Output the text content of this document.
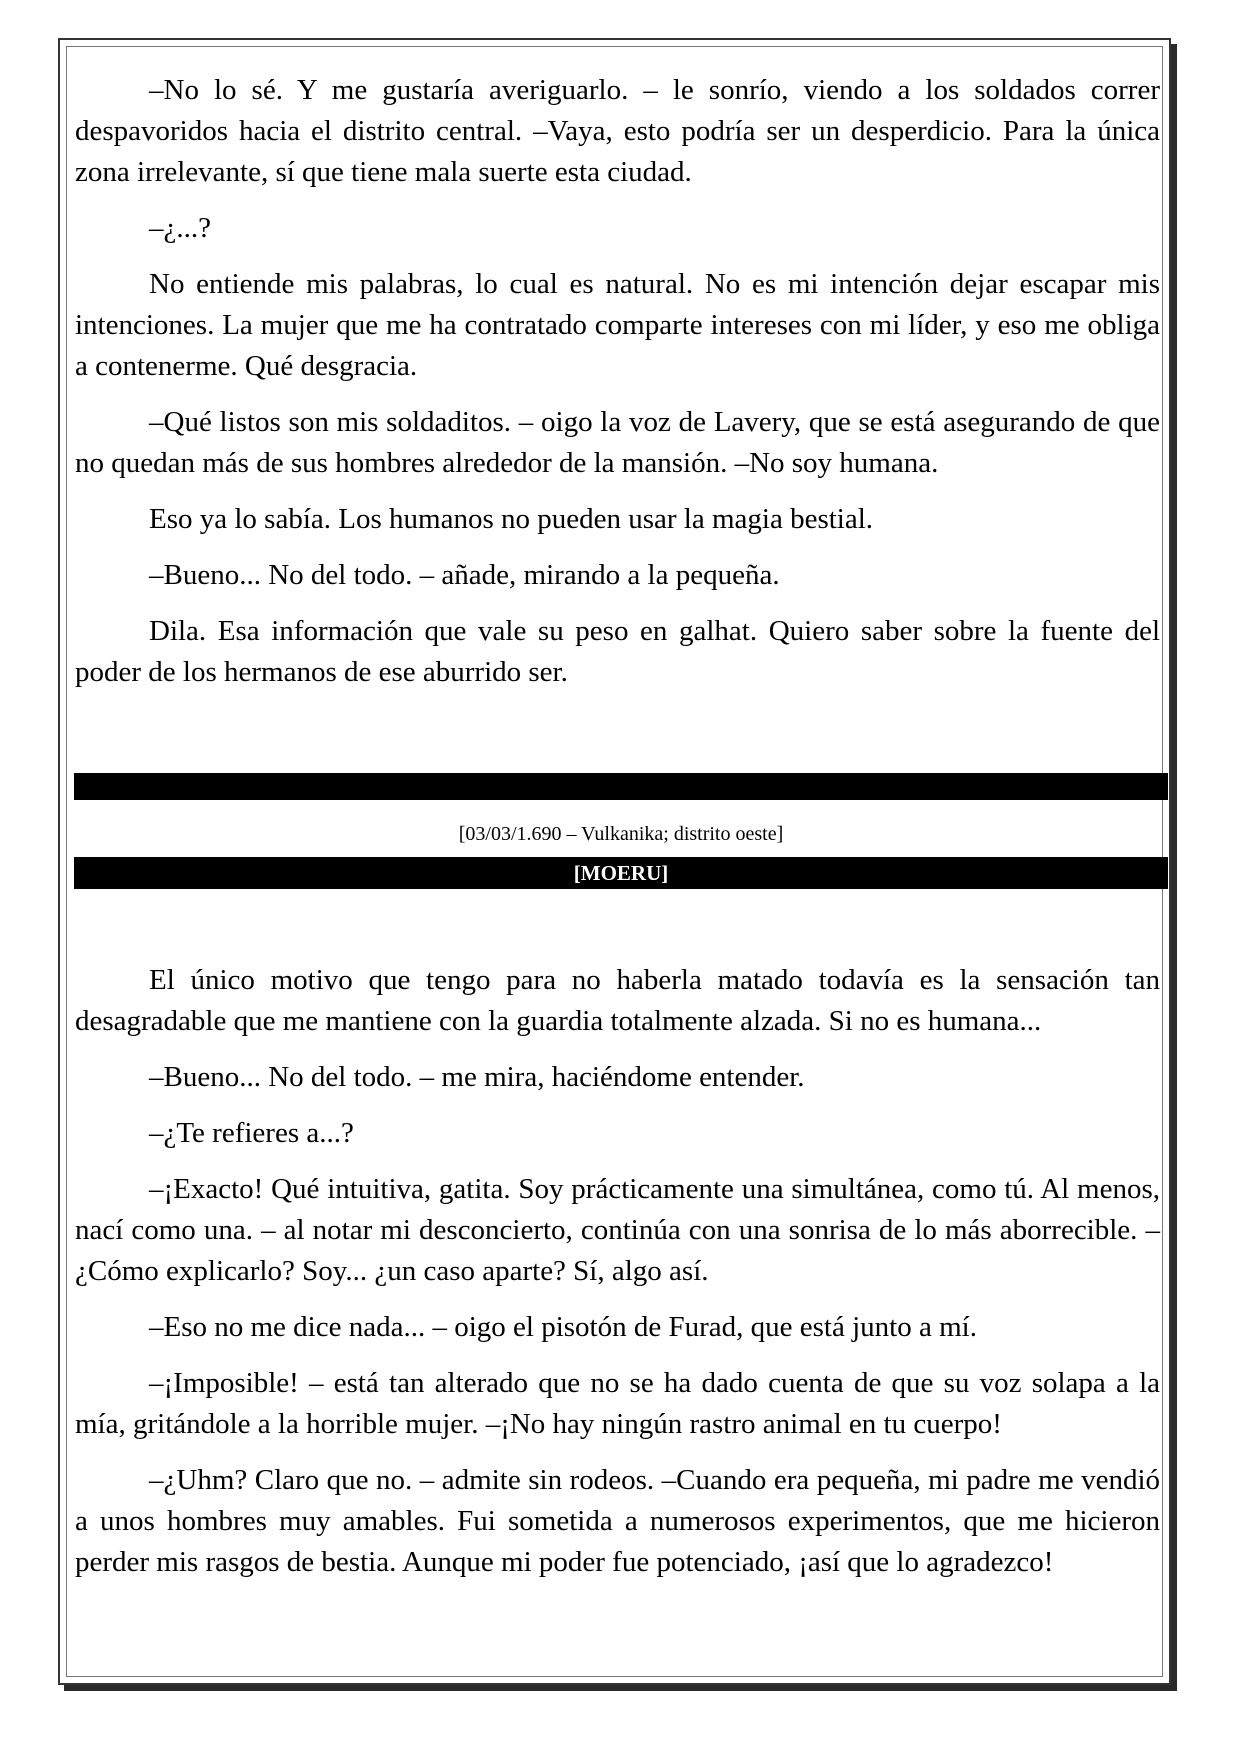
–No lo sé. Y me gustaría averiguarlo. – le sonrío, viendo a los soldados correr despavoridos hacia el distrito central. –Vaya, esto podría ser un desperdicio. Para la única zona irrelevante, sí que tiene mala suerte esta ciudad.

–¿...?

No entiende mis palabras, lo cual es natural. No es mi intención dejar escapar mis intenciones. La mujer que me ha contratado comparte intereses con mi líder, y eso me obliga a contenerme. Qué desgracia.

–Qué listos son mis soldaditos. – oigo la voz de Lavery, que se está asegurando de que no quedan más de sus hombres alrededor de la mansión. –No soy humana.

Eso ya lo sabía. Los humanos no pueden usar la magia bestial.

–Bueno... No del todo. – añade, mirando a la pequeña.

Dila. Esa información que vale su peso en galhat. Quiero saber sobre la fuente del poder de los hermanos de ese aburrido ser.

[03/03/1.690 – Vulkanika; distrito oeste]
[MOERU]

El único motivo que tengo para no haberla matado todavía es la sensación tan desagradable que me mantiene con la guardia totalmente alzada. Si no es humana...

–Bueno... No del todo. – me mira, haciéndome entender.

–¿Te refieres a...?

–¡Exacto! Qué intuitiva, gatita. Soy prácticamente una simultánea, como tú. Al menos, nací como una. – al notar mi desconcierto, continúa con una sonrisa de lo más aborrecible. –¿Cómo explicarlo? Soy... ¿un caso aparte? Sí, algo así.

–Eso no me dice nada... – oigo el pisotón de Furad, que está junto a mí.

–¡Imposible! – está tan alterado que no se ha dado cuenta de que su voz solapa a la mía, gritándole a la horrible mujer. –¡No hay ningún rastro animal en tu cuerpo!

–¿Uhm? Claro que no. – admite sin rodeos. –Cuando era pequeña, mi padre me vendió a unos hombres muy amables. Fui sometida a numerosos experimentos, que me hicieron perder mis rasgos de bestia. Aunque mi poder fue potenciado, ¡así que lo agradezco!
